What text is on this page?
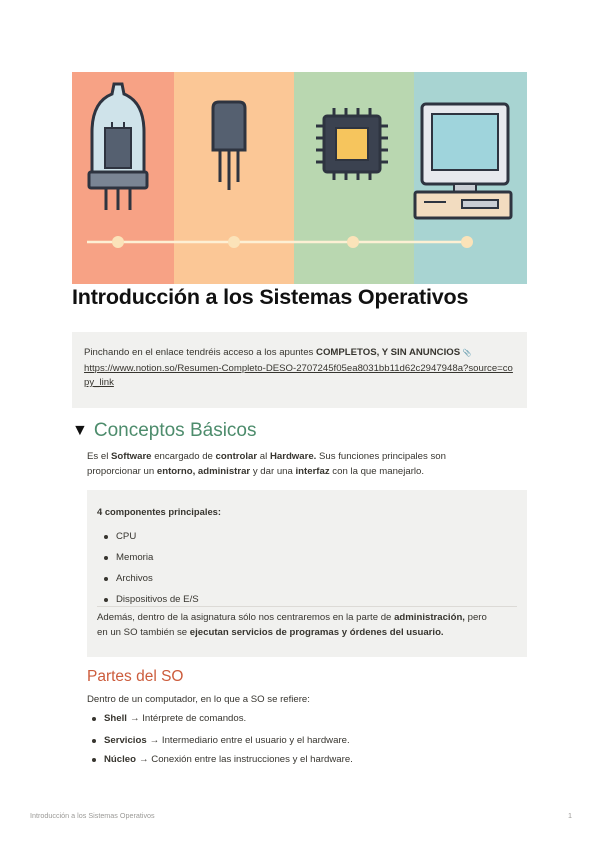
Introducción a los Sistemas Operativos
Pinchando en el enlace tendréis acceso a los apuntes COMPLETOS, Y SIN ANUNCIOS 📎
https://www.notion.so/Resumen-Completo-DESO-2707245f05ea8031bb11d62c2947948a?source=copy_link
▼ Conceptos Básicos
Es el Software encargado de controlar al Hardware. Sus funciones principales son
proporcionar un entorno, administrar y dar una interfaz con la que manejarlo.
4 componentes principales:
CPU
Memoria
Archivos
Dispositivos de E/S
Además, dentro de la asignatura sólo nos centraremos en la parte de administración, pero
en un SO también se ejecutan servicios de programas y órdenes del usuario.
Partes del SO
Dentro de un computador, en lo que a SO se refiere:
Shell → Intérprete de comandos.
Servicios → Intermediario entre el usuario y el hardware.
Núcleo → Conexión entre las instrucciones y el hardware.
Introducción a los Sistemas Operativos	1
